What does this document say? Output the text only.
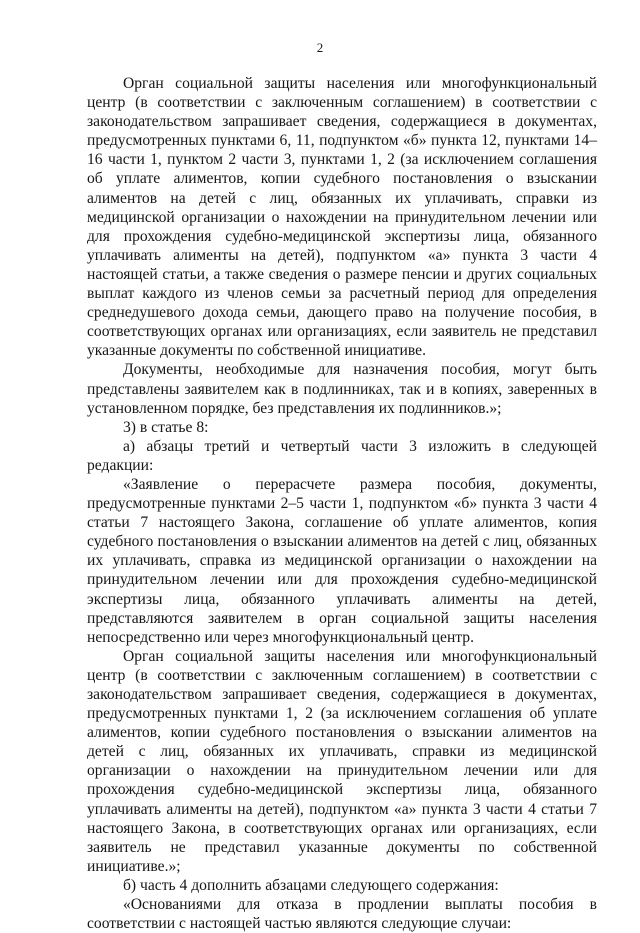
2

Орган социальной защиты населения или многофункциональный центр (в соответствии с заключенным соглашением) в соответствии с законодательством запрашивает сведения, содержащиеся в документах, предусмотренных пунктами 6, 11, подпунктом «б» пункта 12, пунктами 14–16 части 1, пунктом 2 части 3, пунктами 1, 2 (за исключением соглашения об уплате алиментов, копии судебного постановления о взыскании алиментов на детей с лиц, обязанных их уплачивать, справки из медицинской организации о нахождении на принудительном лечении или для прохождения судебно-медицинской экспертизы лица, обязанного уплачивать алименты на детей), подпунктом «а» пункта 3 части 4 настоящей статьи, а также сведения о размере пенсии и других социальных выплат каждого из членов семьи за расчетный период для определения среднедушевого дохода семьи, дающего право на получение пособия, в соответствующих органах или организациях, если заявитель не представил указанные документы по собственной инициативе.

Документы, необходимые для назначения пособия, могут быть представлены заявителем как в подлинниках, так и в копиях, заверенных в установленном порядке, без представления их подлинников.»;

3) в статье 8:

а) абзацы третий и четвертый части 3 изложить в следующей редакции:

«Заявление о перерасчете размера пособия, документы, предусмотренные пунктами 2–5 части 1, подпунктом «б» пункта 3 части 4 статьи 7 настоящего Закона, соглашение об уплате алиментов, копия судебного постановления о взыскании алиментов на детей с лиц, обязанных их уплачивать, справка из медицинской организации о нахождении на принудительном лечении или для прохождения судебно-медицинской экспертизы лица, обязанного уплачивать алименты на детей, представляются заявителем в орган социальной защиты населения непосредственно или через многофункциональный центр.

Орган социальной защиты населения или многофункциональный центр (в соответствии с заключенным соглашением) в соответствии с законодательством запрашивает сведения, содержащиеся в документах, предусмотренных пунктами 1, 2 (за исключением соглашения об уплате алиментов, копии судебного постановления о взыскании алиментов на детей с лиц, обязанных их уплачивать, справки из медицинской организации о нахождении на принудительном лечении или для прохождения судебно-медицинской экспертизы лица, обязанного уплачивать алименты на детей), подпунктом «а» пункта 3 части 4 статьи 7 настоящего Закона, в соответствующих органах или организациях, если заявитель не представил указанные документы по собственной инициативе.»;

б) часть 4 дополнить абзацами следующего содержания:

«Основаниями для отказа в продлении выплаты пособия в соответствии с настоящей частью являются следующие случаи:
